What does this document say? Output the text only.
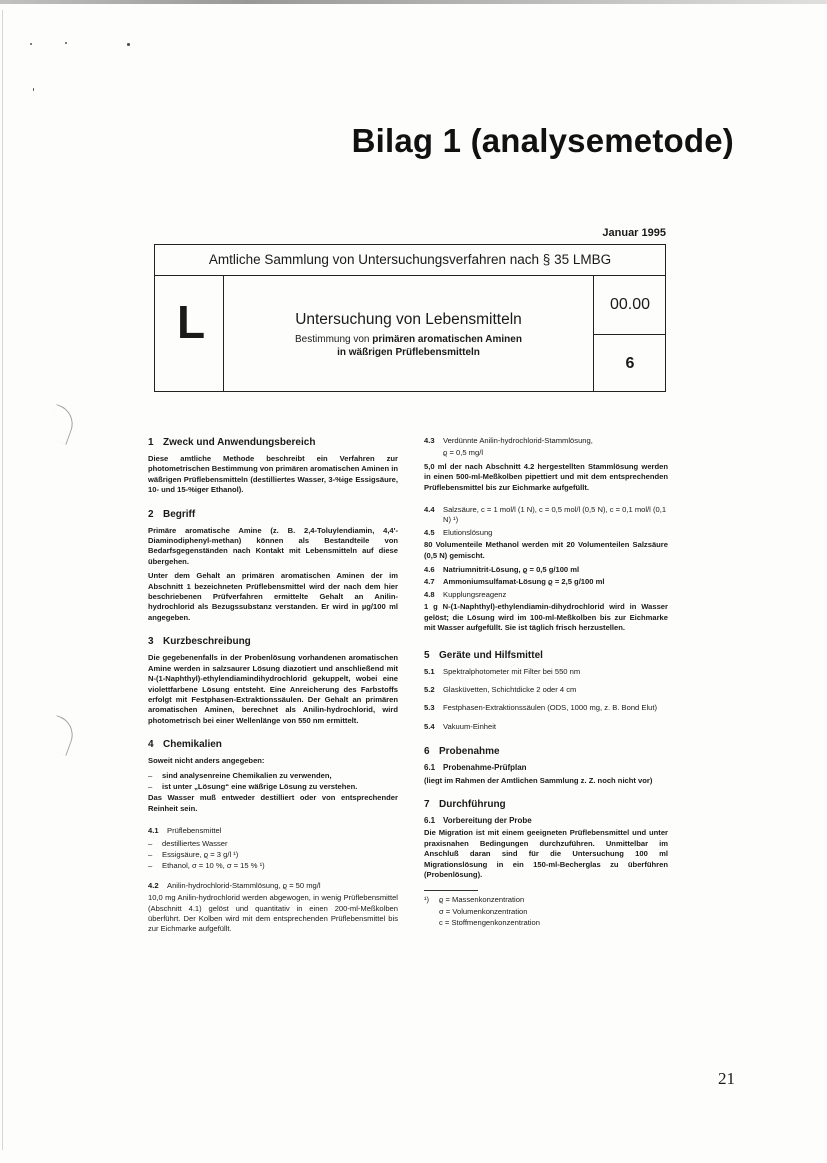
Bilag 1 (analysemetode)
Januar 1995
Amtliche Sammlung von Untersuchungsverfahren nach § 35 LMBG
L	Untersuchung von Lebensmitteln
Bestimmung von primären aromatischen Aminen
in wäßrigen Prüflebensmitteln
00.00
6
1 Zweck und Anwendungsbereich
Diese amtliche Methode beschreibt ein Verfahren zur photometrischen Bestimmung von primären aromatischen Aminen in wäßrigen Prüflebensmitteln (destilliertes Wasser, 3-%ige Essigsäure, 10- und 15-%iger Ethanol).
2 Begriff
Primäre aromatische Amine (z. B. 2,4-Toluylendiamin, 4,4'-Diaminodiphenyl-methan) können als Bestandteile von Bedarfsgegenständen nach Kontakt mit Lebensmitteln auf diese übergehen.
Unter dem Gehalt an primären aromatischen Aminen der im Abschnitt 1 bezeichneten Prüflebensmittel wird der nach dem hier beschriebenen Prüfverfahren ermittelte Gehalt an Anilin-hydrochlorid als Bezugssubstanz verstanden. Er wird in µg/100 ml angegeben.
3 Kurzbeschreibung
Die gegebenenfalls in der Probenlösung vorhandenen aromatischen Amine werden in salzsaurer Lösung diazotiert und anschließend mit N-(1-Naphthyl)-ethylendiamindihydrochlorid gekuppelt, wobei eine violettfarbene Lösung entsteht. Eine Anreicherung des Farbstoffs erfolgt mit Festphasen-Extraktionssäulen. Der Gehalt an primären aromatischen Aminen, berechnet als Anilin-hydrochlorid, wird photometrisch bei einer Wellenlänge von 550 nm ermittelt.
4 Chemikalien
Soweit nicht anders angegeben:
–	sind analysenreine Chemikalien zu verwenden,
–	ist unter „Lösung“ eine wäßrige Lösung zu verstehen.
Das Wasser muß entweder destilliert oder von entsprechender Reinheit sein.
4.1	Prüflebensmittel
–	destilliertes Wasser
–	Essigsäure, ϱ = 3 g/l ¹)
–	Ethanol, σ = 10 %, σ = 15 % ¹)
4.2	Anilin-hydrochlorid-Stammlösung, ϱ = 50 mg/l
10,0 mg Anilin-hydrochlorid werden abgewogen, in wenig Prüflebensmittel (Abschnitt 4.1) gelöst und quantitativ in einen 200-ml-Meßkolben überführt. Der Kolben wird mit dem entsprechenden Prüflebensmittel bis zur Eichmarke aufgefüllt.
4.3	Verdünnte Anilin-hydrochlorid-Stammlösung,
ϱ = 0,5 mg/l
5,0 ml der nach Abschnitt 4.2 hergestellten Stammlösung werden in einen 500-ml-Meßkolben pipettiert und mit dem entsprechenden Prüflebensmittel bis zur Eichmarke aufgefüllt.
4.4	Salzsäure, c = 1 mol/l (1 N), c = 0,5 mol/l (0,5 N), c = 0,1 mol/l (0,1 N) ¹)
4.5	Elutionslösung
80 Volumenteile Methanol werden mit 20 Volumenteilen Salzsäure (0,5 N) gemischt.
4.6	Natriumnitrit-Lösung, ϱ = 0,5 g/100 ml
4.7	Ammoniumsulfamat-Lösung ϱ = 2,5 g/100 ml
4.8	Kupplungsreagenz
1 g N-(1-Naphthyl)-ethylendiamin-dihydrochlorid wird in Wasser gelöst; die Lösung wird im 100-ml-Meßkolben bis zur Eichmarke mit Wasser aufgefüllt. Sie ist täglich frisch herzustellen.
5 Geräte und Hilfsmittel
5.1	Spektralphotometer mit Filter bei 550 nm
5.2	Glasküvetten, Schichtdicke 2 oder 4 cm
5.3	Festphasen-Extraktionssäulen (ODS, 1000 mg, z. B. Bond Elut)
5.4	Vakuum-Einheit
6 Probenahme
6.1 Probenahme-Prüfplan
(liegt im Rahmen der Amtlichen Sammlung z. Z. noch nicht vor)
7 Durchführung
6.1 Vorbereitung der Probe
Die Migration ist mit einem geeigneten Prüflebensmittel und unter praxisnahen Bedingungen durchzuführen. Unmittelbar im Anschluß daran sind für die Untersuchung 100 ml Migrationslösung in ein 150-ml-Becherglas zu überführen (Probenlösung).
¹)	ϱ = Massenkonzentration
σ = Volumenkonzentration
c = Stoffmengenkonzentration
21
